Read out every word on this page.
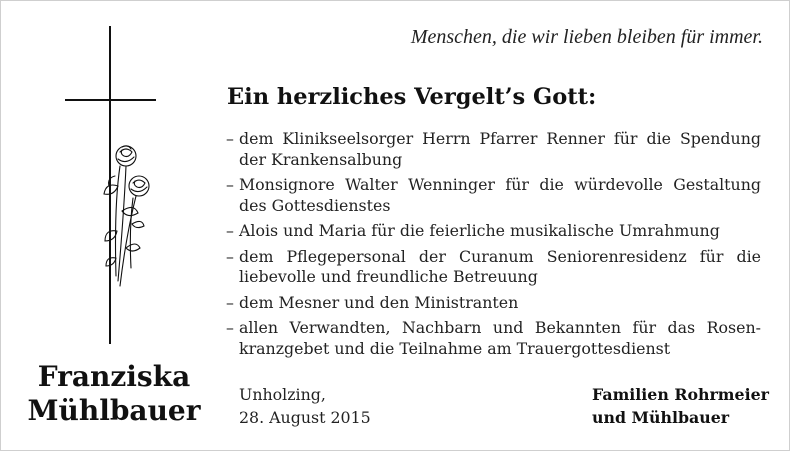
Menschen, die wir lieben bleiben für immer.
Ein herzliches Vergelt’s Gott:
– dem Klinikseelsorger Herrn Pfarrer Renner für die Spendung der Krankensalbung
– Monsignore Walter Wenninger für die würdevolle Gestaltung des Gottesdienstes
– Alois und Maria für die feierliche musikalische Umrahmung
– dem Pflegepersonal der Curanum Seniorenresidenz für die liebevolle und freundliche Betreuung
– dem Mesner und den Ministranten
– allen Verwandten, Nachbarn und Bekannten für das Rosenkranzgebet und die Teilnahme am Trauergottesdienst
Franziska
Mühlbauer Unholzing,
28. August 2015
Familien Rohrmeier
und Mühlbauer
